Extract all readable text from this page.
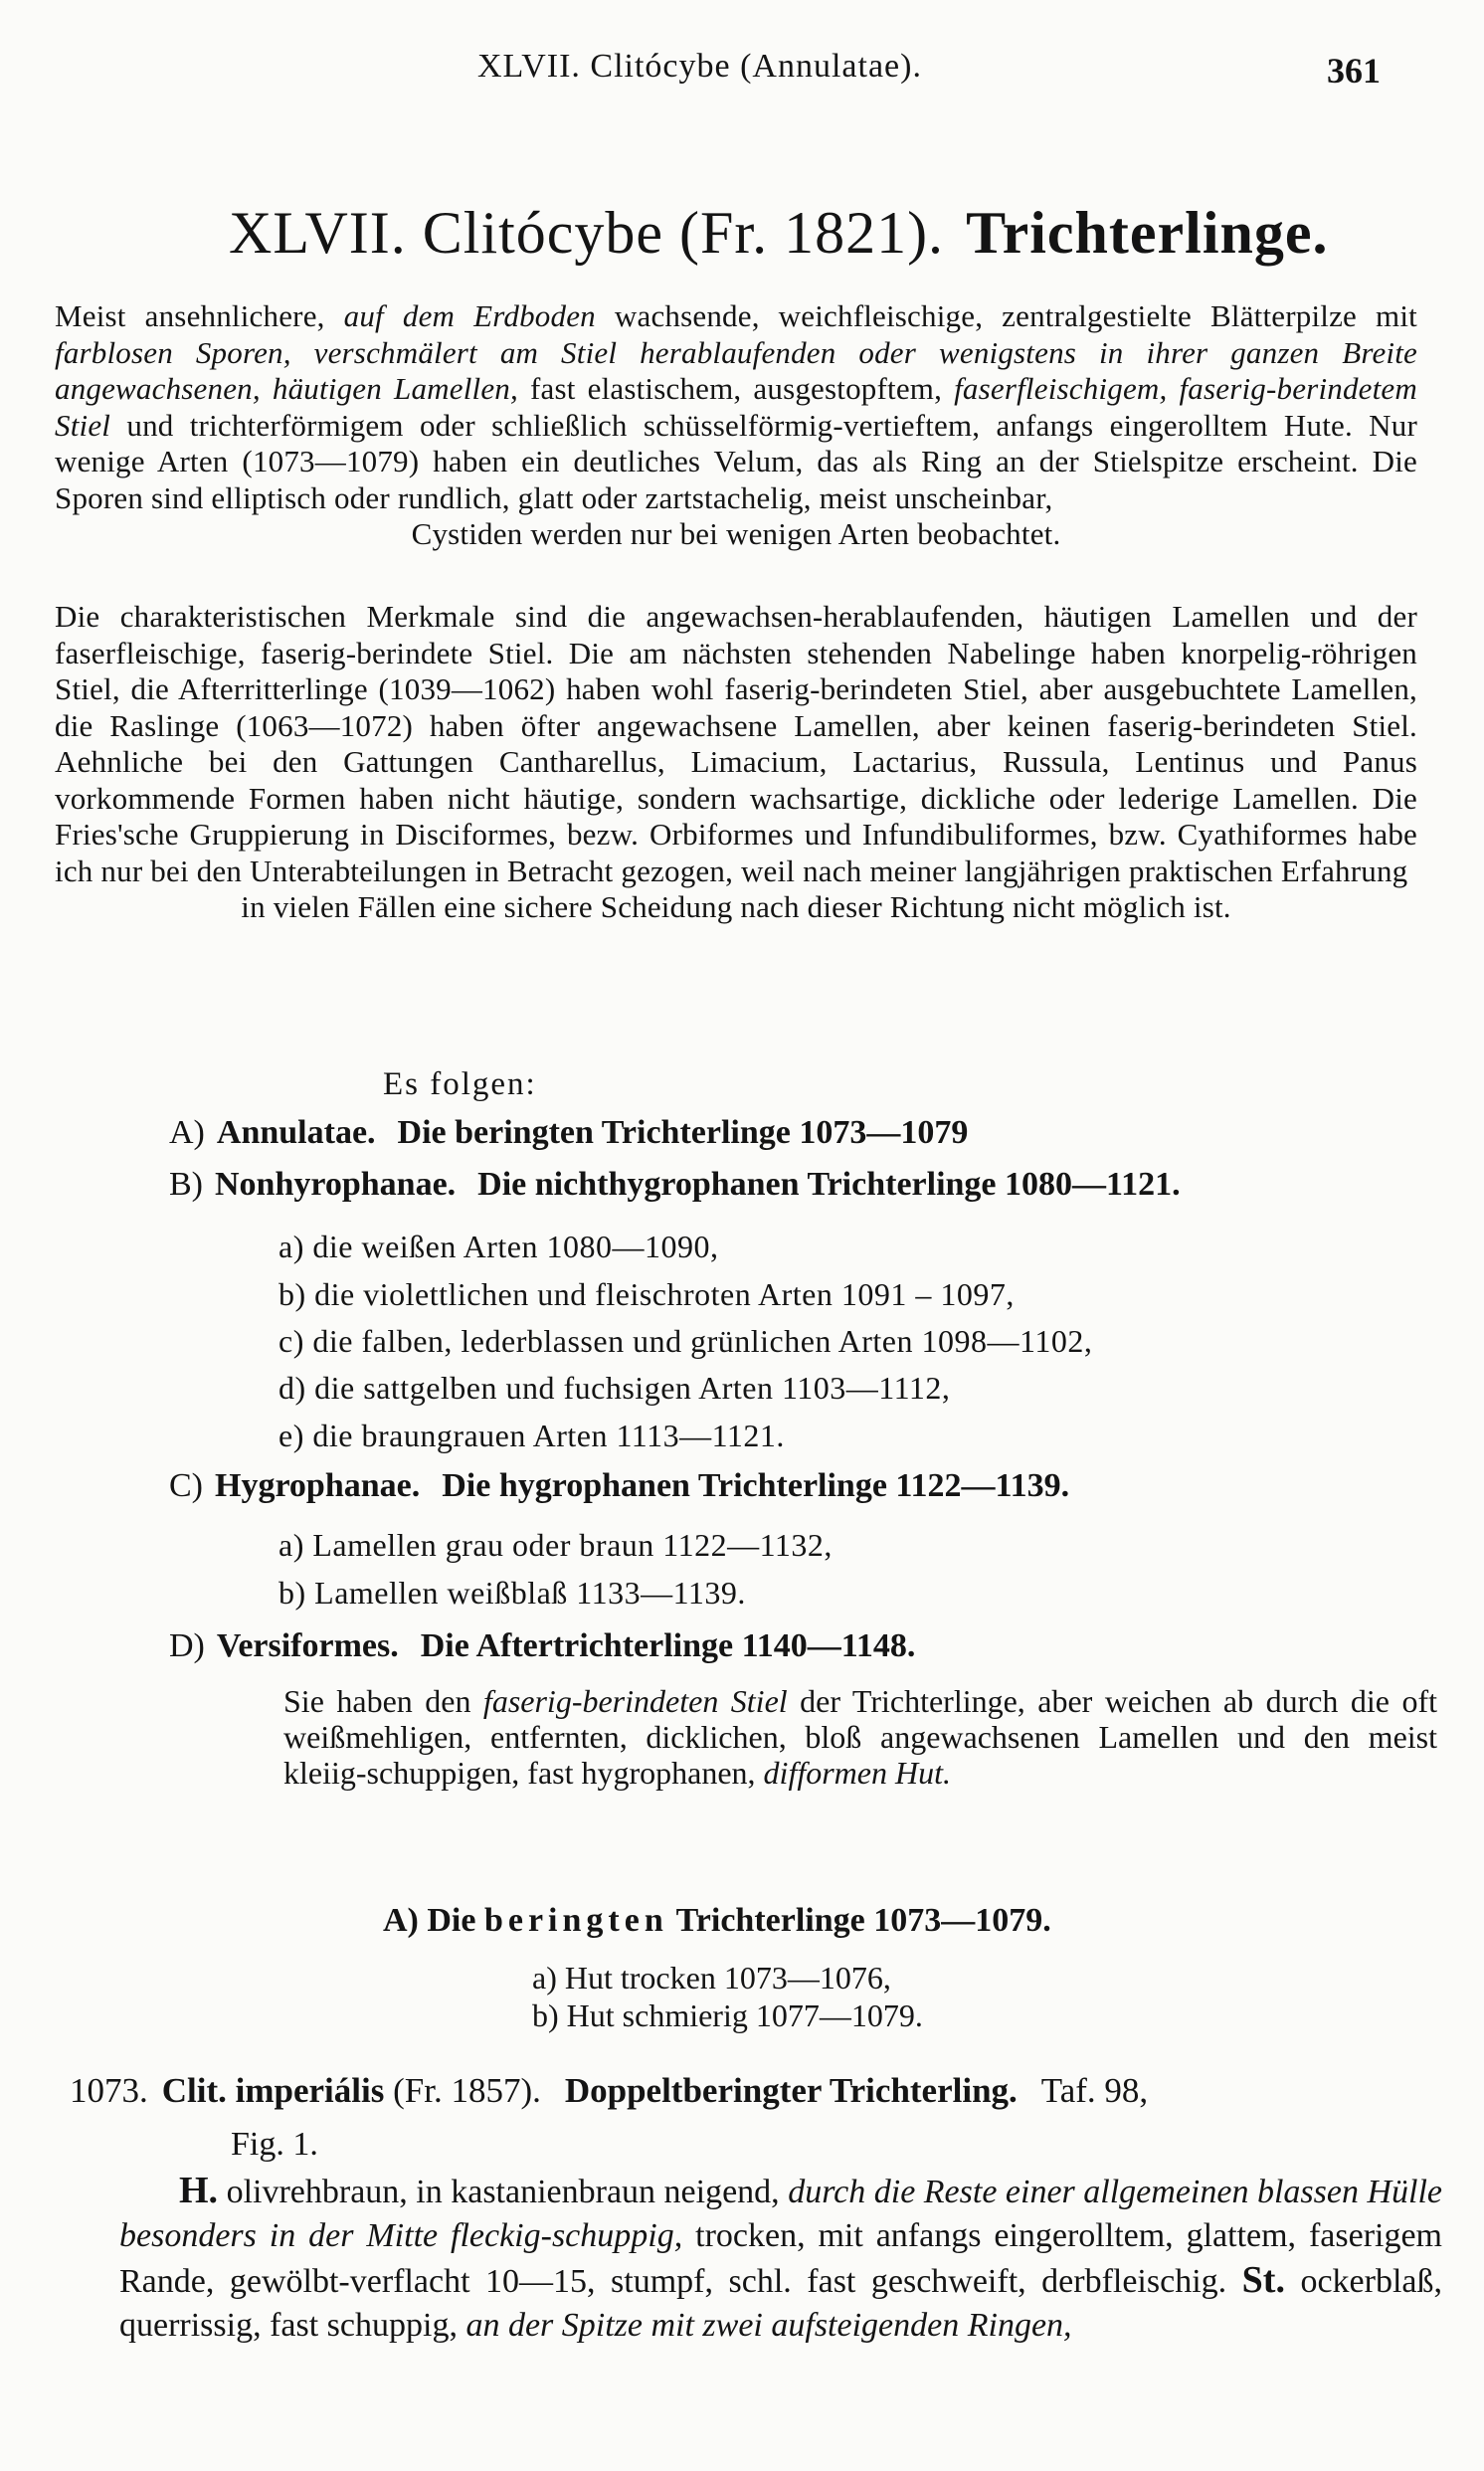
XLVII. Clitócybe (Annulatae).	361
XLVII. Clitócybe (Fr. 1821). Trichterlinge.
Meist ansehnlichere, auf dem Erdboden wachsende, weichfleischige, zentralgestielte Blätterpilze mit farblosen Sporen, verschmälert am Stiel herablaufenden oder wenigstens in ihrer ganzen Breite angewachsenen, häutigen Lamellen, fast elastischem, ausgestopftem, faserfleischigem, faserig-berindetem Stiel und trichterförmigem oder schließlich schüsselförmig-vertieftem, anfangs eingerolltem Hute. Nur wenige Arten (1073—1079) haben ein deutliches Velum, das als Ring an der Stielspitze erscheint. Die Sporen sind elliptisch oder rundlich, glatt oder zartstachelig, meist unscheinbar,
Cystiden werden nur bei wenigen Arten beobachtet.
Die charakteristischen Merkmale sind die angewachsen-herablaufenden, häutigen Lamellen und der faserfleischige, faserig-berindete Stiel. Die am nächsten stehenden Nabelinge haben knorpelig-röhrigen Stiel, die Afterritterlinge (1039—1062) haben wohl faserig-berindeten Stiel, aber ausgebuchtete Lamellen, die Raslinge (1063—1072) haben öfter angewachsene Lamellen, aber keinen faserig-berindeten Stiel. Aehnliche bei den Gattungen Cantharellus, Limacium, Lactarius, Russula, Lentinus und Panus vorkommende Formen haben nicht häutige, sondern wachsartige, dickliche oder lederige Lamellen. Die Fries'sche Gruppierung in Disciformes, bezw. Orbiformes und Infundibuliformes, bzw. Cyathiformes habe ich nur bei den Unterabteilungen in Betracht gezogen, weil nach meiner langjährigen praktischen Erfahrung
in vielen Fällen eine sichere Scheidung nach dieser Richtung nicht möglich ist.
Es folgen:
A) Annulatae. Die beringten Trichterlinge 1073—1079
B) Nonhyrophanae. Die nichthygrophanen Trichterlinge 1080—1121.
a) die weißen Arten 1080—1090,
b) die violettlichen und fleischroten Arten 1091 – 1097,
c) die falben, lederblassen und grünlichen Arten 1098—1102,
d) die sattgelben und fuchsigen Arten 1103—1112,
e) die braungrauen Arten 1113—1121.
C) Hygrophanae. Die hygrophanen Trichterlinge 1122—1139.
a) Lamellen grau oder braun 1122—1132,
b) Lamellen weißblaß 1133—1139.
D) Versiformes. Die Aftertrichterlinge 1140—1148.
Sie haben den faserig-berindeten Stiel der Trichterlinge, aber weichen ab durch die oft weißmehligen, entfernten, dicklichen, bloß angewachsenen Lamellen und den meist kleiig-schuppigen, fast hygrophanen, difformen Hut.
A) Die beringten Trichterlinge 1073—1079.
a) Hut trocken 1073—1076,
b) Hut schmierig 1077—1079.
1073. Clit. imperiális (Fr. 1857). Doppeltberingter Trichterling. Taf. 98,
Fig. 1.
H. olivrehbraun, in kastanienbraun neigend, durch die Reste einer allgemeinen blassen Hülle besonders in der Mitte fleckig-schuppig, trocken, mit anfangs eingerolltem, glattem, faserigem Rande, gewölbt-verflacht 10—15, stumpf, schl. fast geschweift, derbfleischig. St. ockerblaß, querrissig, fast schuppig, an der Spitze mit zwei aufsteigenden Ringen,
